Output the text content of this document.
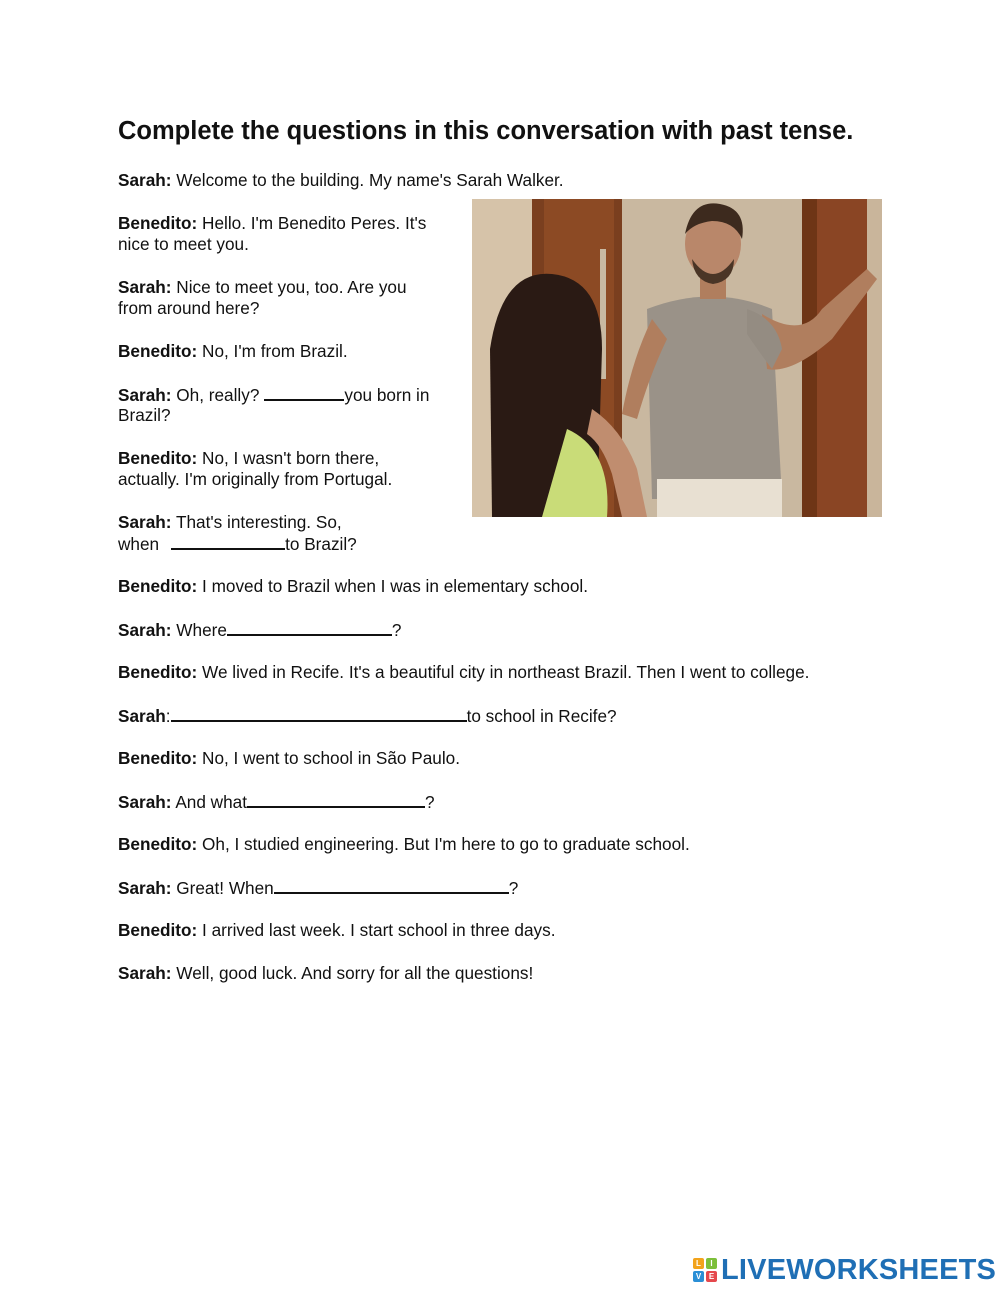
Complete the questions in this conversation with past tense.

Sarah: Welcome to the building. My name's Sarah Walker.

Benedito: Hello. I'm Benedito Peres. It's

nice to meet you.

Sarah: Nice to meet you, too. Are you

from around here?

Benedito: No, I'm from Brazil.

Sarah: Oh, really?	you born in

Brazil?

Benedito: No, I wasn't born there,

actually. I'm originally from Portugal.

Sarah: That's interesting. So,

when	to Brazil?

Benedito: I moved to Brazil when I was in elementary school.

Sarah: Where	?

Benedito: We lived in Recife. It's a beautiful city in northeast Brazil. Then I went to college.

Sarah:	to school in Recife?

Benedito: No, I went to school in São Paulo.

Sarah: And what	?

Benedito: Oh, I studied engineering. But I'm here to go to graduate school.

Sarah: Great! When	?

Benedito: I arrived last week. I start school in three days.

Sarah: Well, good luck. And sorry for all the questions!

L	I
V E LIVEWORKSHEETS
